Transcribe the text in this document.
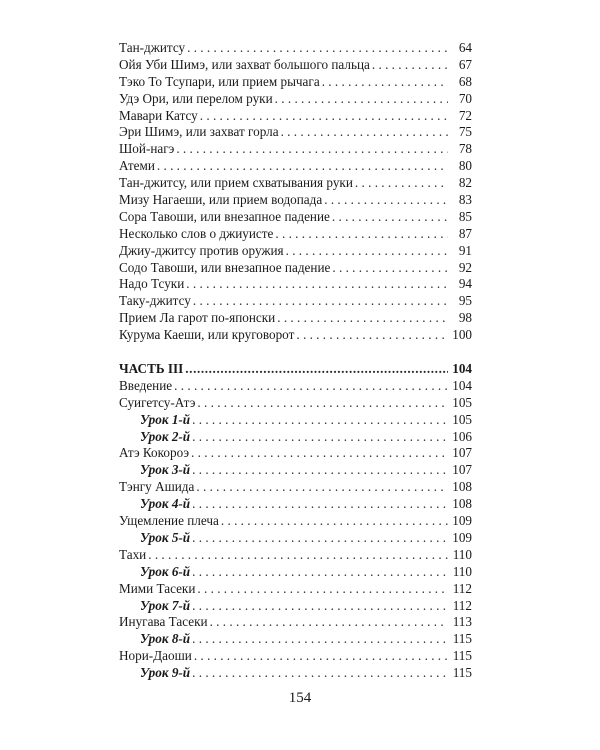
Тан-джитсу . . .	64
Ойя Уби Шимэ, или захват большого пальца . . .	67
Тэко То Тсупари, или прием рычага . . .	68
Удэ Ори, или перелом руки . . .	70
Мавари Катсу . . .	72
Эри Шимэ, или захват горла . . .	75
Шой-нагэ . . .	78
Атеми . . .	80
Тан-джитсу, или прием схватывания руки . . .	82
Мизу Нагаеши, или прием водопада . . .	83
Сора Тавоши, или внезапное падение . . .	85
Несколько слов о джиуисте . . .	87
Джиу-джитсу против оружия . . .	91
Содо Тавоши, или внезапное падение . . .	92
Надо Тсуки . . .	94
Таку-джитсу . . .	95
Прием Ла гарот по-японски . . .	98
Курума Каеши, или круговорот . . .	100
ЧАСТЬ III .....	104
Введение . . .	104
Суигетсу-Атэ . . .	105
Урок 1-й . . .	105
Урок 2-й . . .	106
Атэ Кокороэ . . .	107
Урок 3-й . . .	107
Тэнгу Ашида . . .	108
Урок 4-й . . .	108
Ущемление плеча . . .	109
Урок 5-й . . .	109
Тахи . . .	110
Урок 6-й . . .	110
Мими Тасеки . . .	112
Урок 7-й . . .	112
Инугава Тасеки . . .	113
Урок 8-й . . .	115
Нори-Даоши . . .	115
Урок 9-й . . .	115
154
